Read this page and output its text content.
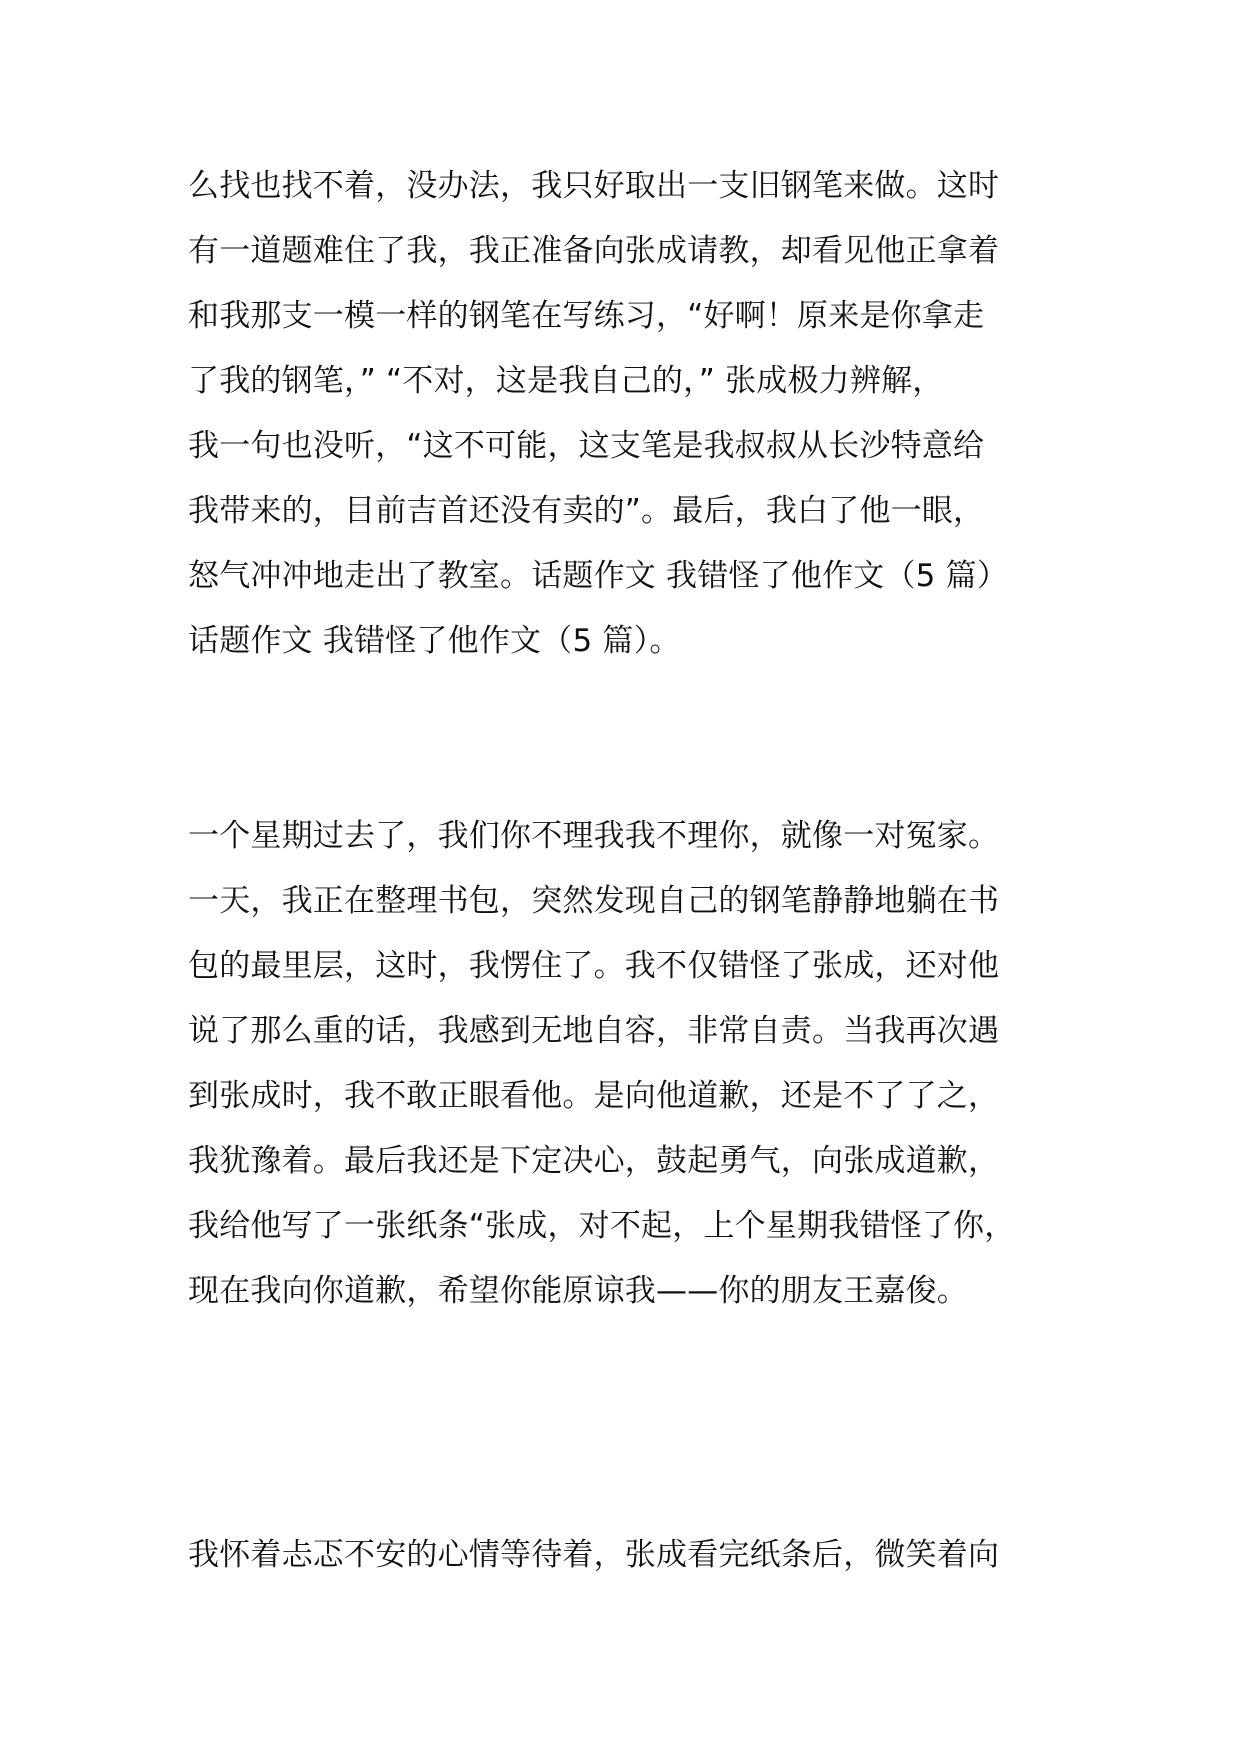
么找也找不着，没办法，我只好取出一支旧钢笔来做。这时
有一道题难住了我，我正准备向张成请教，却看见他正拿着
和我那支一模一样的钢笔在写练习，“好啊！原来是你拿走
了我的钢笔，” “不对，这是我自己的，” 张成极力辨解，
我一句也没听，“这不可能，这支笔是我叔叔从长沙特意给
我带来的，目前吉首还没有卖的”。最后，我白了他一眼，
怒气冲冲地走出了教室。话题作文 我错怪了他作文（5 篇）
话题作文 我错怪了他作文（5 篇）。
一个星期过去了，我们你不理我我不理你，就像一对冤家。
一天，我正在整理书包，突然发现自己的钢笔静静地躺在书
包的最里层，这时，我愣住了。我不仅错怪了张成，还对他
说了那么重的话，我感到无地自容，非常自责。当我再次遇
到张成时，我不敢正眼看他。是向他道歉，还是不了了之，
我犹豫着。最后我还是下定决心，鼓起勇气，向张成道歉，
我给他写了一张纸条“张成，对不起，上个星期我错怪了你，
现在我向你道歉，希望你能原谅我——你的朋友王嘉俊。
我怀着忐忑不安的心情等待着，张成看完纸条后，微笑着向
